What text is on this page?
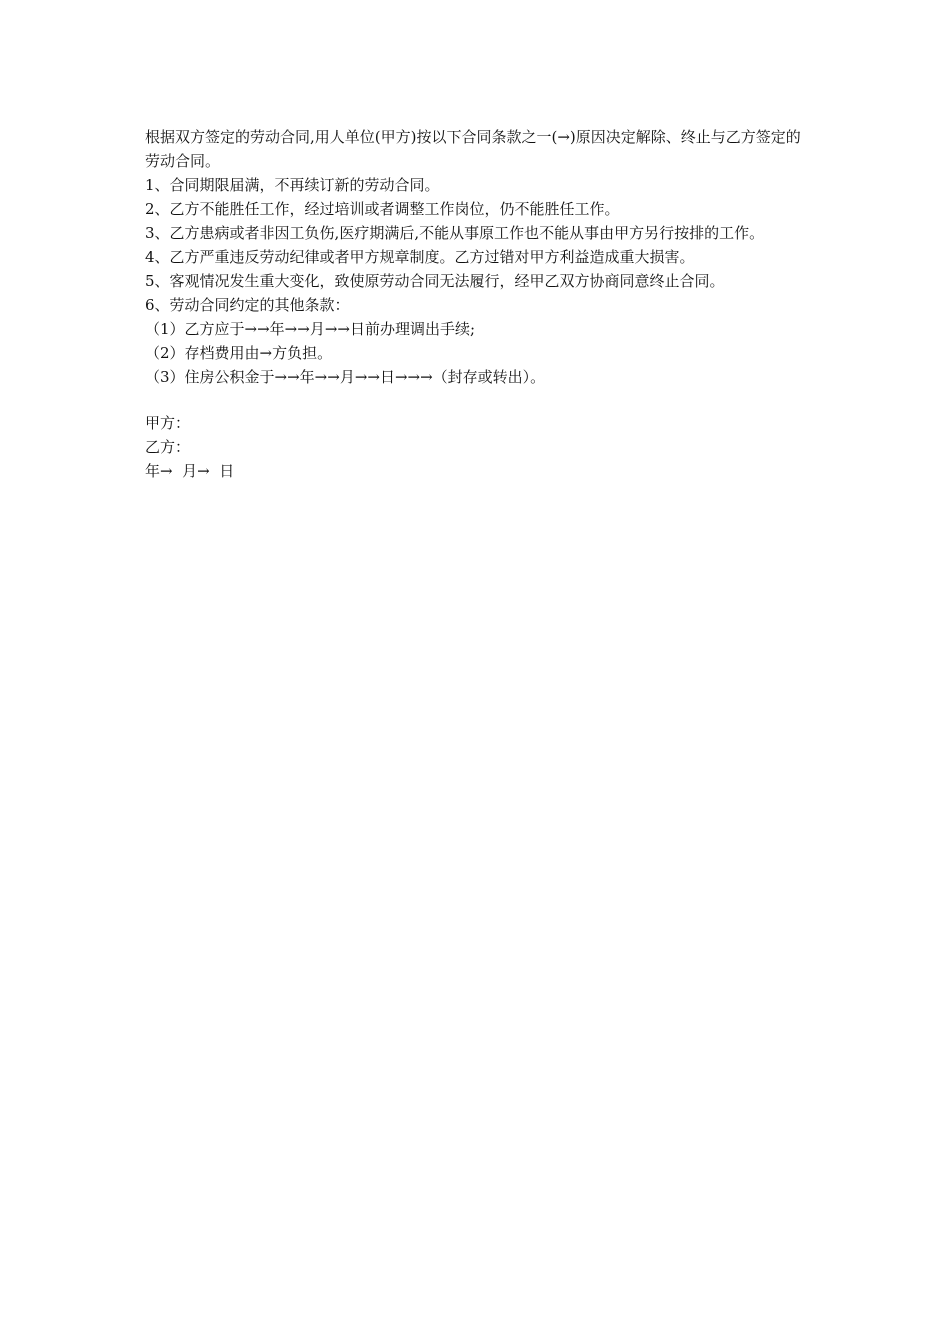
根据双方签定的劳动合同,用人单位(甲方)按以下合同条款之一(→)原因决定解除、终止与乙方签定的劳动合同。

1、合同期限届满，不再续订新的劳动合同。

2、乙方不能胜任工作，经过培训或者调整工作岗位，仍不能胜任工作。

3、乙方患病或者非因工负伤,医疗期满后,不能从事原工作也不能从事由甲方另行按排的工作。

4、乙方严重违反劳动纪律或者甲方规章制度。乙方过错对甲方利益造成重大损害。

5、客观情况发生重大变化，致使原劳动合同无法履行，经甲乙双方协商同意终止合同。

6、劳动合同约定的其他条款：

（1）乙方应于→→年→→月→→日前办理调出手续;

（2）存档费用由→方负担。

（3）住房公积金于→→年→→月→→日→→→（封存或转出）。

甲方：

乙方：

年→  月→  日
